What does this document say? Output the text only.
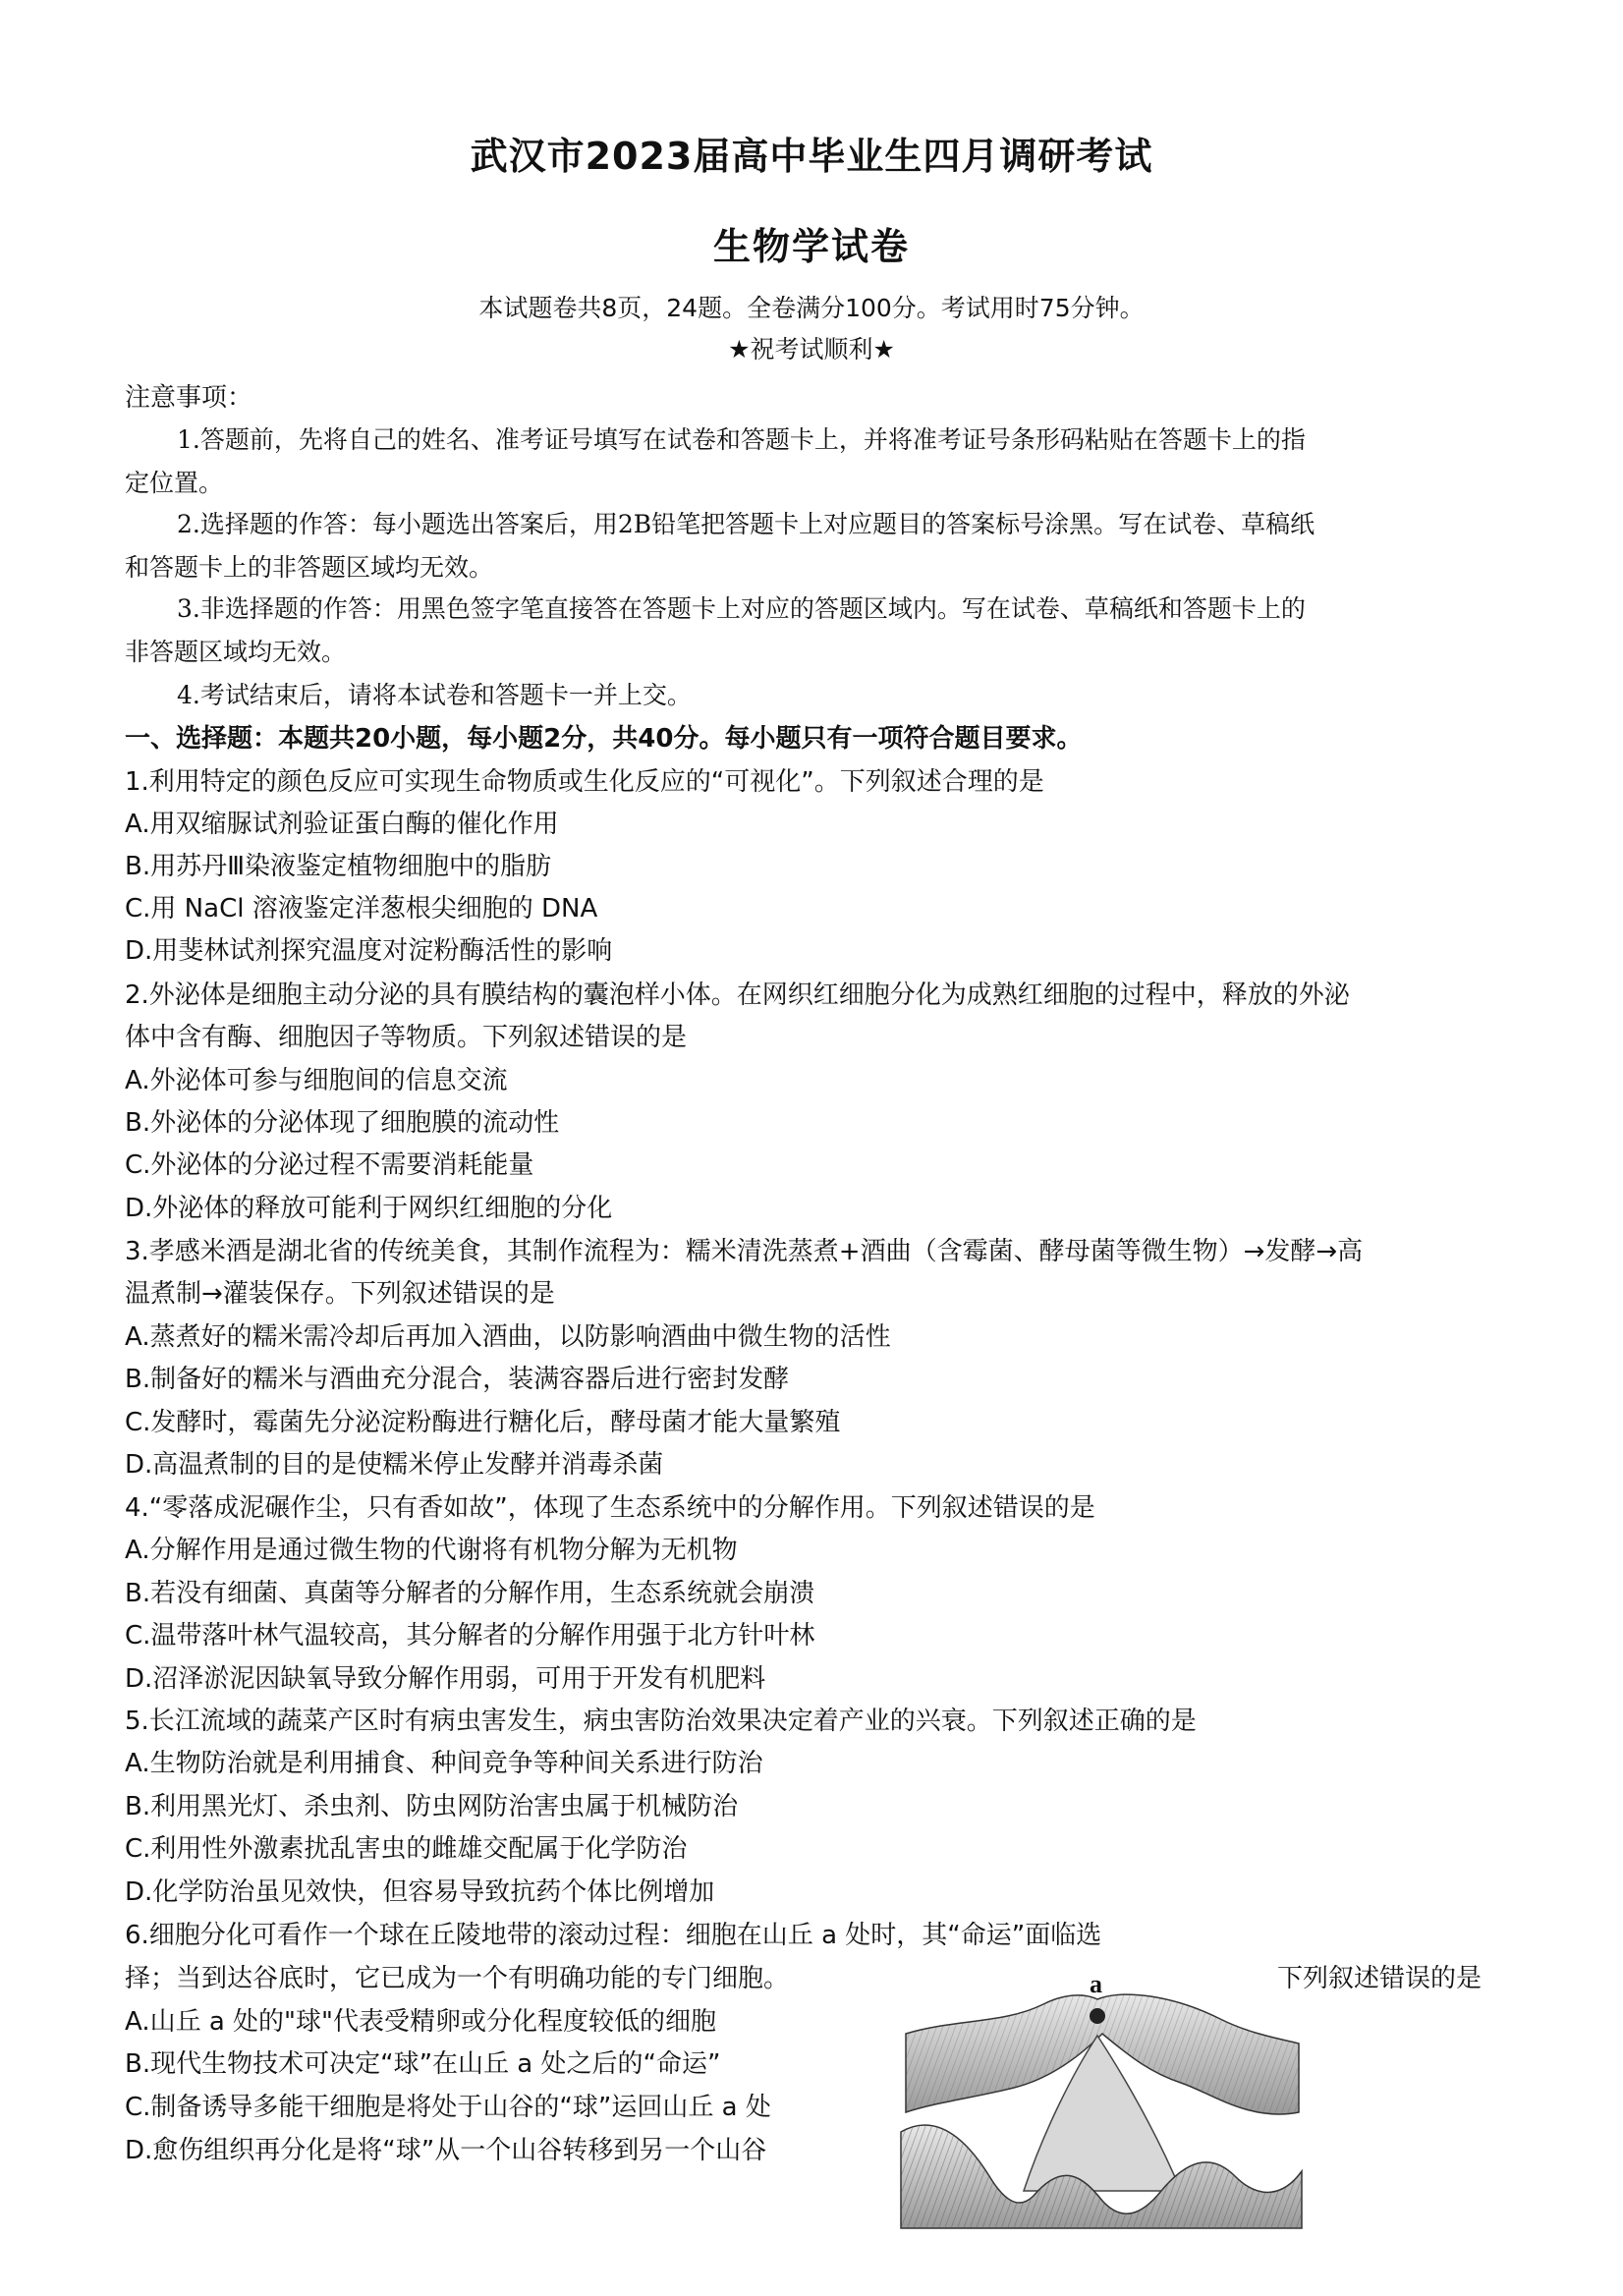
武汉市2023届高中毕业生四月调研考试
生物学试卷
本试题卷共8页，24题。全卷满分100分。考试用时75分钟。
★祝考试顺利★
注意事项：
1.答题前，先将自己的姓名、准考证号填写在试卷和答题卡上，并将准考证号条形码粘贴在答题卡上的指
定位置。
2.选择题的作答：每小题选出答案后，用2B铅笔把答题卡上对应题目的答案标号涂黑。写在试卷、草稿纸
和答题卡上的非答题区域均无效。
3.非选择题的作答：用黑色签字笔直接答在答题卡上对应的答题区域内。写在试卷、草稿纸和答题卡上的
非答题区域均无效。
4.考试结束后，请将本试卷和答题卡一并上交。
一、选择题：本题共20小题，每小题2分，共40分。每小题只有一项符合题目要求。
1.利用特定的颜色反应可实现生命物质或生化反应的“可视化”。下列叙述合理的是
A.用双缩脲试剂验证蛋白酶的催化作用
B.用苏丹Ⅲ染液鉴定植物细胞中的脂肪
C.用 NaCl 溶液鉴定洋葱根尖细胞的 DNA
D.用斐林试剂探究温度对淀粉酶活性的影响
2.外泌体是细胞主动分泌的具有膜结构的囊泡样小体。在网织红细胞分化为成熟红细胞的过程中，释放的外泌
体中含有酶、细胞因子等物质。下列叙述错误的是
A.外泌体可参与细胞间的信息交流
B.外泌体的分泌体现了细胞膜的流动性
C.外泌体的分泌过程不需要消耗能量
D.外泌体的释放可能利于网织红细胞的分化
3.孝感米酒是湖北省的传统美食，其制作流程为：糯米清洗蒸煮+酒曲（含霉菌、酵母菌等微生物）→发酵→高
温煮制→灌装保存。下列叙述错误的是
A.蒸煮好的糯米需冷却后再加入酒曲，以防影响酒曲中微生物的活性
B.制备好的糯米与酒曲充分混合，装满容器后进行密封发酵
C.发酵时，霉菌先分泌淀粉酶进行糖化后，酵母菌才能大量繁殖
D.高温煮制的目的是使糯米停止发酵并消毒杀菌
4.“零落成泥碾作尘，只有香如故”，体现了生态系统中的分解作用。下列叙述错误的是
A.分解作用是通过微生物的代谢将有机物分解为无机物
B.若没有细菌、真菌等分解者的分解作用，生态系统就会崩溃
C.温带落叶林气温较高，其分解者的分解作用强于北方针叶林
D.沼泽淤泥因缺氧导致分解作用弱，可用于开发有机肥料
5.长江流域的蔬菜产区时有病虫害发生，病虫害防治效果决定着产业的兴衰。下列叙述正确的是
A.生物防治就是利用捕食、种间竞争等种间关系进行防治
B.利用黑光灯、杀虫剂、防虫网防治害虫属于机械防治
C.利用性外激素扰乱害虫的雌雄交配属于化学防治
D.化学防治虽见效快，但容易导致抗药个体比例增加
6.细胞分化可看作一个球在丘陵地带的滚动过程：细胞在山丘 a 处时，其“命运”面临选
择；当到达谷底时，它已成为一个有明确功能的专门细胞。	下列叙述错误的是
A.山丘 a 处的"球"代表受精卵或分化程度较低的细胞
B.现代生物技术可决定“球”在山丘 a 处之后的“命运”
C.制备诱导多能干细胞是将处于山谷的“球”运回山丘 a 处
D.愈伤组织再分化是将“球”从一个山谷转移到另一个山谷
a
